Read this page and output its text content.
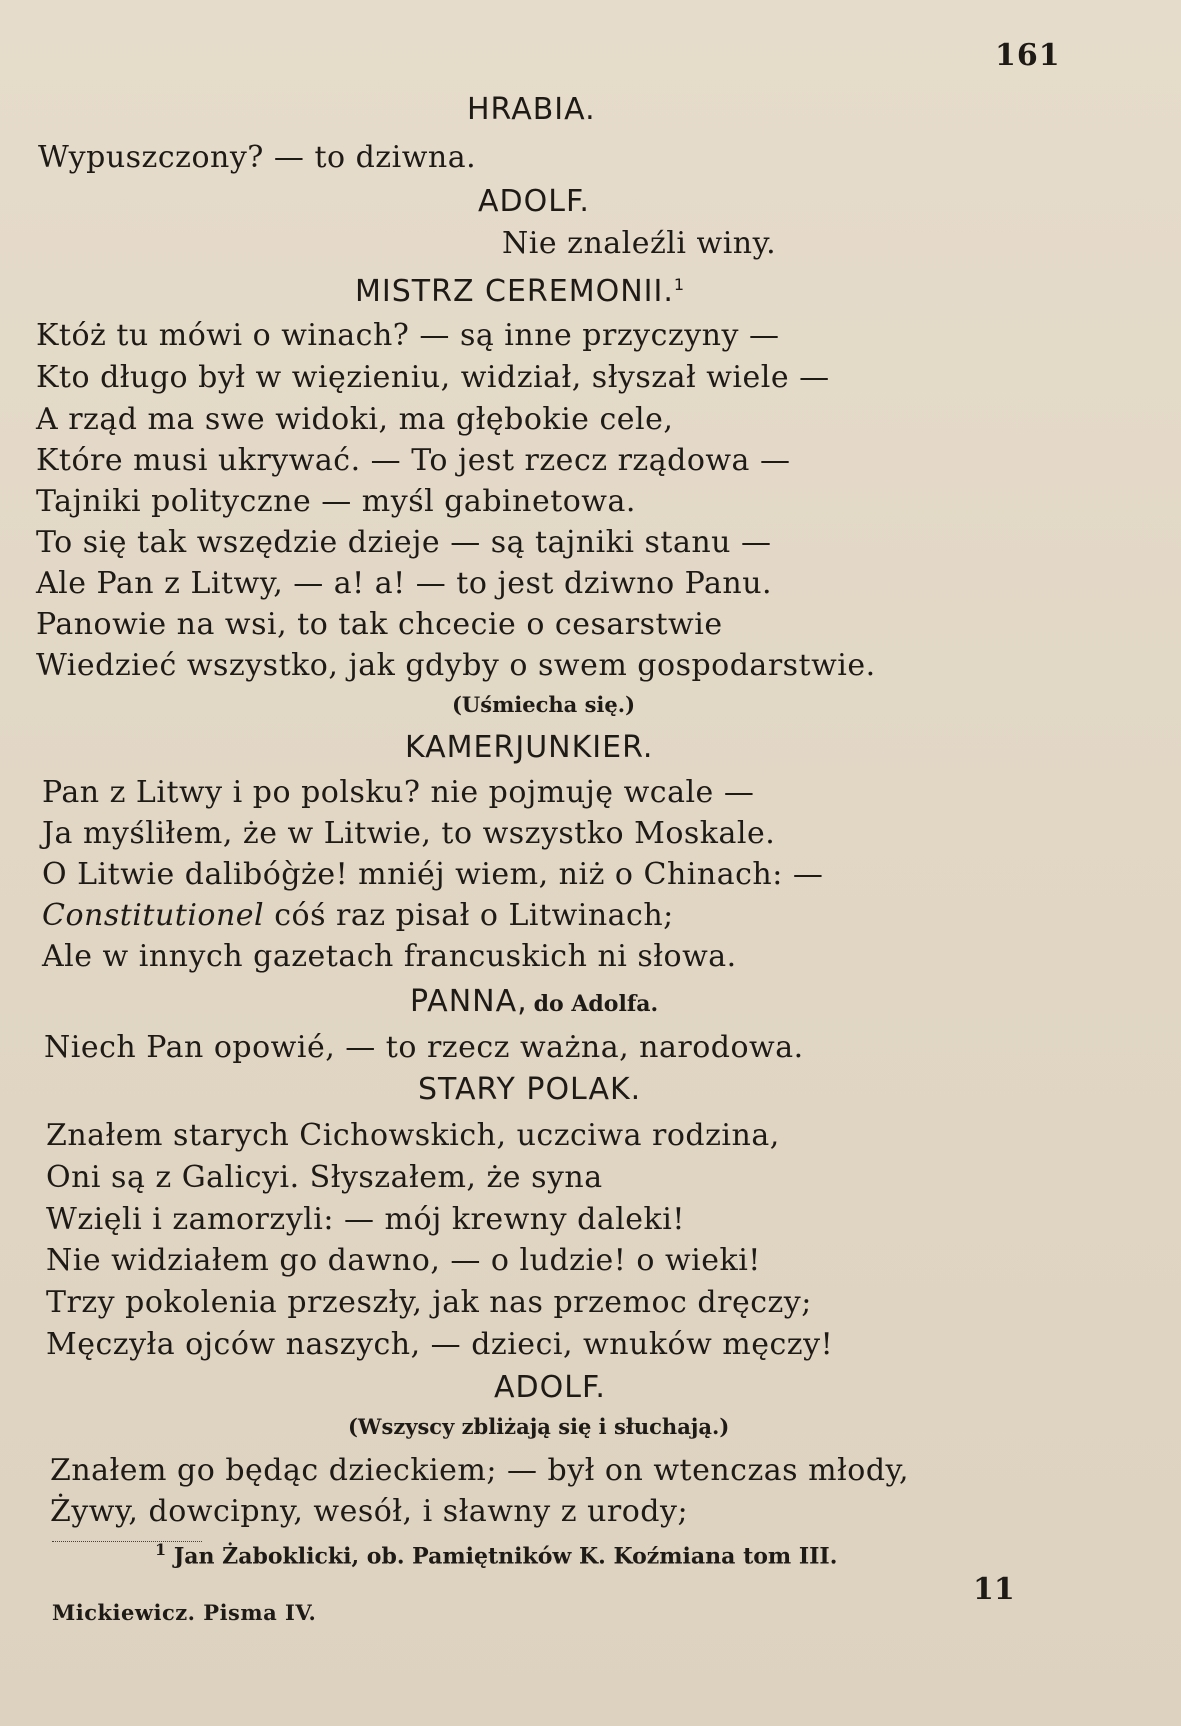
161
HRABIA.
Wypuszczony? — to dziwna.
ADOLF.
Nie znaleźli winy.
MISTRZ CEREMONII.$^1$
Któż tu mówi o winach? — są inne przyczyny —
Kto długo był w więzieniu, widział, słyszał wiele —
A rząd ma swe widoki, ma głębokie cele,
Które musi ukrywać. — To jest rzecz rządowa —
Tajniki polityczne — myśl gabinetowa.
To się tak wszędzie dzieje — są tajniki stanu —
Ale Pan z Litwy, — a! a! — to jest dziwno Panu.
Panowie na wsi, to tak chcecie o cesarstwie
Wiedzieć wszystko, jak gdyby o swem gospodarstwie.
(Uśmiecha się.)
KAMERJUNKIER.
Pan z Litwy i po polsku? nie pojmuję wcale —
Ja myśliłem, że w Litwie, to wszystko Moskale.
O Litwie dalibóg̀że! mniéj wiem, niż o Chinach: —
Constitutionel cóś raz pisał o Litwinach;
Ale w innych gazetach francuskich ni słowa.
PANNA, do Adolfa.
Niech Pan opowié, — to rzecz ważna, narodowa.
STARY POLAK.
Znałem starych Cichowskich, uczciwa rodzina,
Oni są z Galicyi. Słyszałem, że syna
Wzięli i zamorzyli: — mój krewny daleki!
Nie widziałem go dawno, — o ludzie! o wieki!
Trzy pokolenia przeszły, jak nas przemoc dręczy;
Męczyła ojców naszych, — dzieci, wnuków męczy!
ADOLF.
(Wszyscy zbliżają się i słuchają.)
Znałem go będąc dzieckiem; — był on wtenczas młody,
Żywy, dowcipny, wesół, i sławny z urody;
$^1$ Jan Żaboklicki, ob. Pamiętników K. Koźmiana tom III.
Mickiewicz. Pisma IV.
11
